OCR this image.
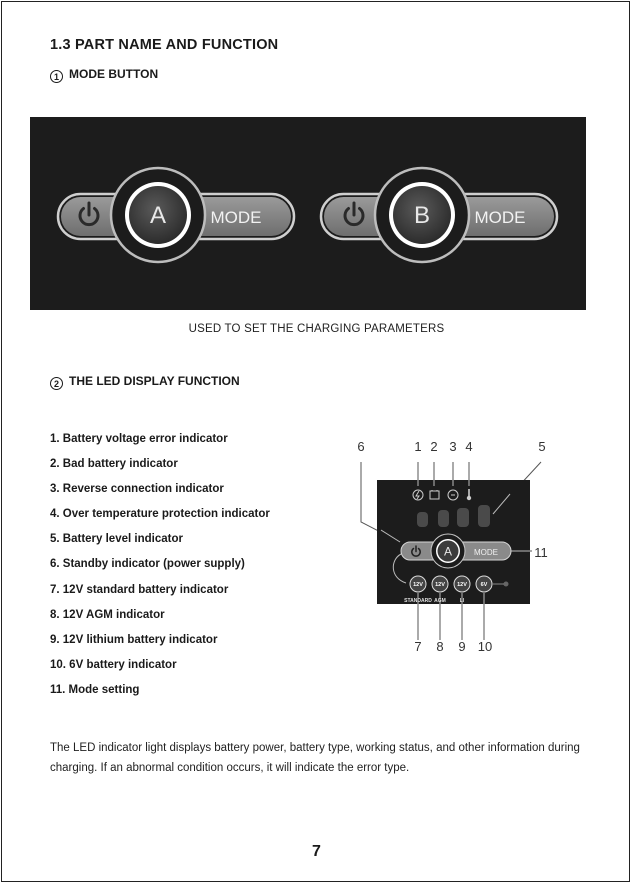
1.3 PART NAME AND FUNCTION
1 MODE BUTTON
A	MODE	B	MODE
USED TO SET THE CHARGING PARAMETERS
2 THE LED DISPLAY FUNCTION
1. Battery voltage error indicator
2. Bad battery indicator
3. Reverse connection indicator
4. Over temperature protection indicator
5. Battery level indicator
6. Standby indicator (power supply)
7. 12V standard battery indicator
8. 12V AGM indicator
9. 12V lithium battery indicator
10. 6V battery indicator
11. Mode setting
6	1 2 3 4	5
11
7 8 9 10
A	MODE
12V 12V 12V 6V
STANDARD AGM	LI
The LED indicator light displays battery power, battery type, working status, and other information during charging. If an abnormal condition occurs, it will indicate the error type.
7
